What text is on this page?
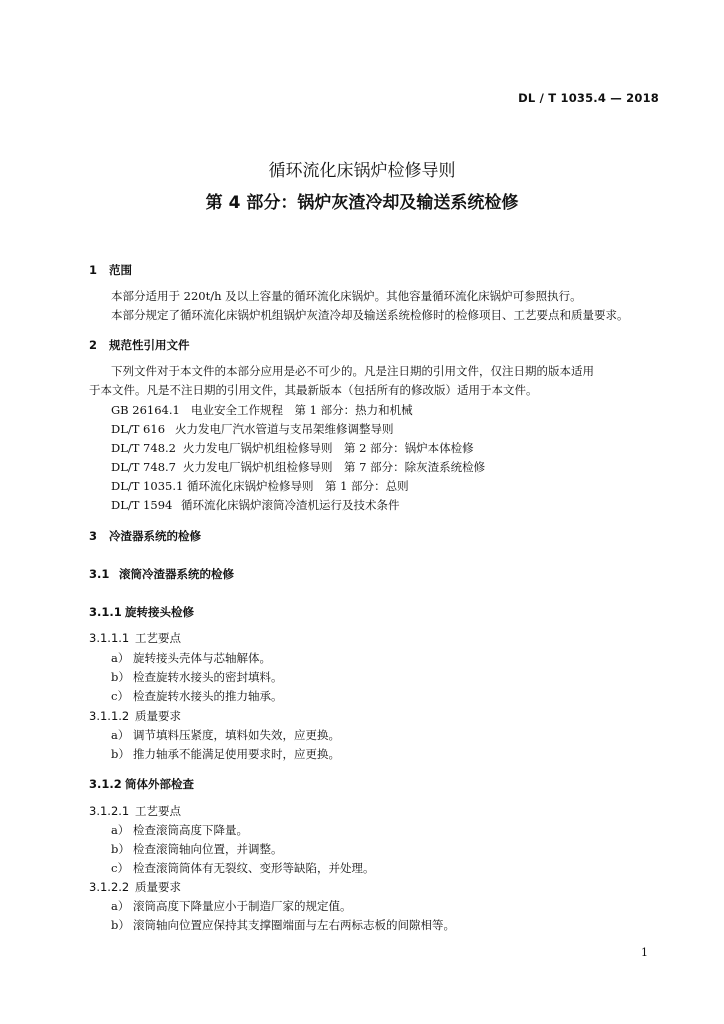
DL / T 1035.4 — 2018
循环流化床锅炉检修导则
第 4 部分：锅炉灰渣冷却及输送系统检修
1 范围
本部分适用于 220t/h 及以上容量的循环流化床锅炉。其他容量循环流化床锅炉可参照执行。
本部分规定了循环流化床锅炉机组锅炉灰渣冷却及输送系统检修时的检修项目、工艺要点和质量要求。
2 规范性引用文件
下列文件对于本文件的本部分应用是必不可少的。凡是注日期的引用文件，仅注日期的版本适用
于本文件。凡是不注日期的引用文件，其最新版本（包括所有的修改版）适用于本文件。
GB 26164.1 电业安全工作规程　第 1 部分：热力和机械
DL/T 616 火力发电厂汽水管道与支吊架维修调整导则
DL/T 748.2 火力发电厂锅炉机组检修导则　第 2 部分：锅炉本体检修
DL/T 748.7 火力发电厂锅炉机组检修导则　第 7 部分：除灰渣系统检修
DL/T 1035.1 循环流化床锅炉检修导则　第 1 部分：总则
DL/T 1594 循环流化床锅炉滚筒冷渣机运行及技术条件
3 冷渣器系统的检修
3.1 滚筒冷渣器系统的检修
3.1.1 旋转接头检修
3.1.1.1 工艺要点
a） 旋转接头壳体与芯轴解体。
b） 检查旋转水接头的密封填料。
c） 检查旋转水接头的推力轴承。
3.1.1.2 质量要求
a） 调节填料压紧度，填料如失效，应更换。
b） 推力轴承不能满足使用要求时，应更换。
3.1.2 筒体外部检查
3.1.2.1 工艺要点
a） 检查滚筒高度下降量。
b） 检查滚筒轴向位置，并调整。
c） 检查滚筒筒体有无裂纹、变形等缺陷，并处理。
3.1.2.2 质量要求
a） 滚筒高度下降量应小于制造厂家的规定值。
b） 滚筒轴向位置应保持其支撑圈端面与左右两标志板的间隙相等。
1
